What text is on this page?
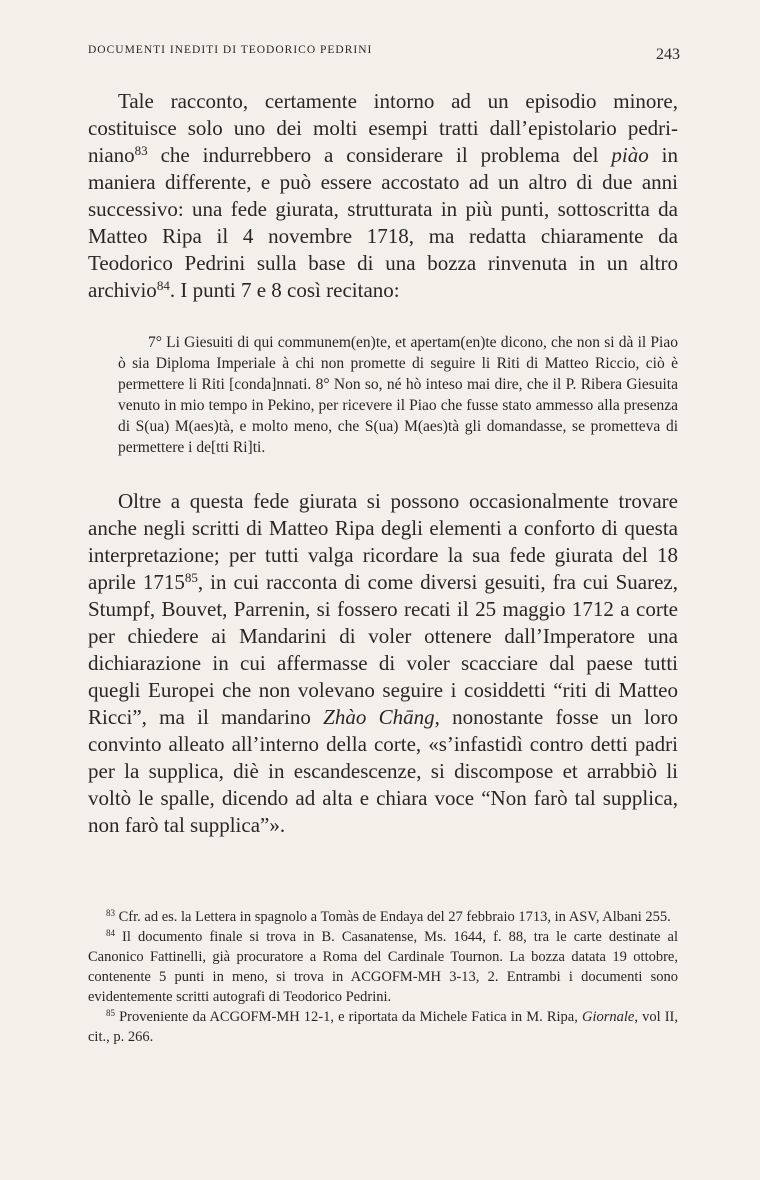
DOCUMENTI INEDITI DI TEODORICO PEDRINI	243

Tale racconto, certamente intorno ad un episodio minore, costituisce solo uno dei molti esempi tratti dall’epistolario pedriniano$^{83}$ che indurrebbero a considerare il problema del piào in maniera differente, e può essere accostato ad un altro di due anni successivo: una fede giurata, strutturata in più punti, sottoscritta da Matteo Ripa il 4 novembre 1718, ma redatta chiaramente da Teodorico Pedrini sulla base di una bozza rinvenuta in un altro archivio$^{84}$. I punti 7 e 8 così recitano:

7° Li Giesuiti di qui communem(en)te, et apertam(en)te dicono, che non si dà il Piao ò sia Diploma Imperiale à chi non promette di seguire li Riti di Matteo Riccio, ciò è permettere li Riti [conda]nnati. 8° Non so, né hò inteso mai dire, che il P. Ribera Giesuita venuto in mio tempo in Pekino, per ricevere il Piao che fusse stato ammesso alla presenza di S(ua) M(aes)tà, e molto meno, che S(ua) M(aes)tà gli domandasse, se prometteva di permettere i de[tti Ri]ti.

Oltre a questa fede giurata si possono occasionalmente trovare anche negli scritti di Matteo Ripa degli elementi a conforto di questa interpretazione; per tutti valga ricordare la sua fede giurata del 18 aprile 1715$^{85}$, in cui racconta di come diversi gesuiti, fra cui Suarez, Stumpf, Bouvet, Parrenin, si fossero recati il 25 maggio 1712 a corte per chiedere ai Mandarini di voler ottenere dall’Imperatore una dichiarazione in cui affermasse di voler scacciare dal paese tutti quegli Europei che non volevano seguire i cosiddetti “riti di Matteo Ricci”, ma il mandarino Zhào Chāng, nonostante fosse un loro convinto alleato all’interno della corte, «s’infastidì contro detti padri per la supplica, diè in escandescenze, si discompose et arrabbiò li voltò le spalle, dicendo ad alta e chiara voce “Non farò tal supplica, non farò tal supplica”».

$^{83}$ Cfr. ad es. la Lettera in spagnolo a Tomàs de Endaya del 27 febbraio 1713, in ASV, Albani 255.

$^{84}$ Il documento finale si trova in B. Casanatense, Ms. 1644, f. 88, tra le carte destinate al Canonico Fattinelli, già procuratore a Roma del Cardinale Tournon. La bozza datata 19 ottobre, contenente 5 punti in meno, si trova in ACGOFM-MH 3-13, 2. Entrambi i documenti sono evidentemente scritti autografi di Teodorico Pedrini.

$^{85}$ Proveniente da ACGOFM-MH 12-1, e riportata da Michele Fatica in M. Ripa, Giornale, vol II, cit., p. 266.
